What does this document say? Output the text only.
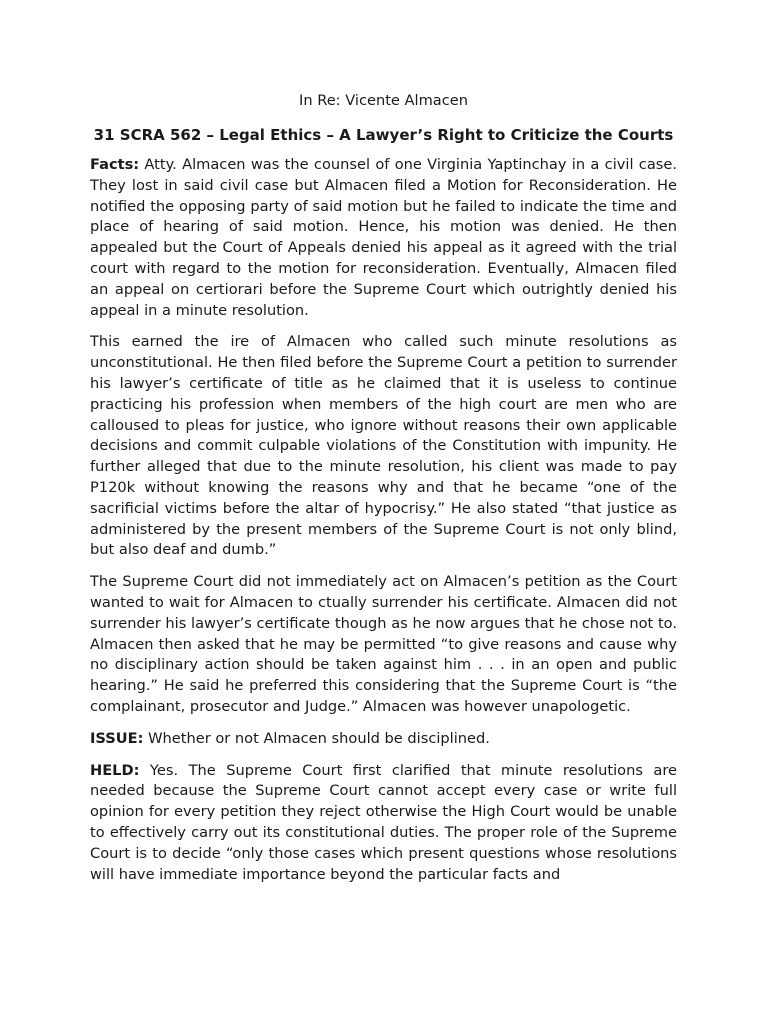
In Re: Vicente Almacen
31 SCRA 562 – Legal Ethics – A Lawyer’s Right to Criticize the Courts

Facts: Atty. Almacen was the counsel of one Virginia Yaptinchay in a civil case. They lost in said civil case but Almacen filed a Motion for Reconsideration. He notified the opposing party of said motion but he failed to indicate the time and place of hearing of said motion. Hence, his motion was denied. He then appealed but the Court of Appeals denied his appeal as it agreed with the trial court with regard to the motion for reconsideration. Eventually, Almacen filed an appeal on certiorari before the Supreme Court which outrightly denied his appeal in a minute resolution.

This earned the ire of Almacen who called such minute resolutions as unconstitutional. He then filed before the Supreme Court a petition to surrender his lawyer’s certificate of title as he claimed that it is useless to continue practicing his profession when members of the high court are men who are calloused to pleas for justice, who ignore without reasons their own applicable decisions and commit culpable violations of the Constitution with impunity. He further alleged that due to the minute resolution, his client was made to pay P120k without knowing the reasons why and that he became “one of the sacrificial victims before the altar of hypocrisy.” He also stated “that justice as administered by the present members of the Supreme Court is not only blind, but also deaf and dumb.”

The Supreme Court did not immediately act on Almacen’s petition as the Court wanted to wait for Almacen to ctually surrender his certificate. Almacen did not surrender his lawyer’s certificate though as he now argues that he chose not to. Almacen then asked that he may be permitted “to give reasons and cause why no disciplinary action should be taken against him . . . in an open and public hearing.” He said he preferred this considering that the Supreme Court is “the complainant, prosecutor and Judge.” Almacen was however unapologetic.

ISSUE: Whether or not Almacen should be disciplined.

HELD: Yes. The Supreme Court first clarified that minute resolutions are needed because the Supreme Court cannot accept every case or write full opinion for every petition they reject otherwise the High Court would be unable to effectively carry out its constitutional duties. The proper role of the Supreme Court is to decide “only those cases which present questions whose resolutions will have immediate importance beyond the particular facts and
